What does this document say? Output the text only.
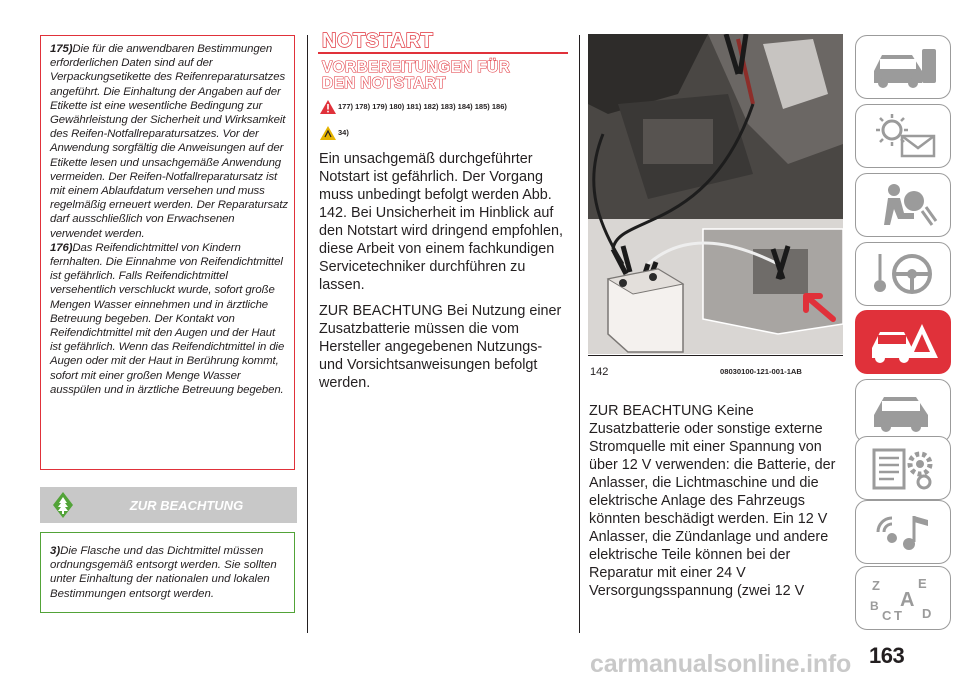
175)Die für die anwendbaren Bestimmungen erforderlichen Daten sind auf der Verpackungsetikette des Reifenreparatursatzes angeführt. Die Einhaltung der Angaben auf der Etikette ist eine wesentliche Bedingung zur Gewährleistung der Sicherheit und Wirksamkeit des Reifen-Notfallreparatursatzes. Vor der Anwendung sorgfältig die Anweisungen auf der Etikette lesen und unsachgemäße Anwendung vermeiden. Der Reifen-Notfallreparatursatz ist mit einem Ablaufdatum versehen und muss regelmäßig erneuert werden. Der Reparatursatz darf ausschließlich von Erwachsenen verwendet werden.

176)Das Reifendichtmittel von Kindern fernhalten. Die Einnahme von Reifendichtmittel ist gefährlich. Falls Reifendichtmittel versehentlich verschluckt wurde, sofort große Mengen Wasser einnehmen und in ärztliche Betreuung begeben. Der Kontakt von Reifendichtmittel mit den Augen und der Haut ist gefährlich. Wenn das Reifendichtmittel in die Augen oder mit der Haut in Berührung kommt, sofort mit einer großen Menge Wasser ausspülen und in ärztliche Betreuung begeben.

ZUR BEACHTUNG

3)Die Flasche und das Dichtmittel müssen ordnungsgemäß entsorgt werden. Sie sollten unter Einhaltung der nationalen und lokalen Bestimmungen entsorgt werden.

NOTSTART
VORBEREITUNGEN FÜR
DEN NOTSTART
177) 178) 179) 180) 181) 182) 183) 184) 185) 186)
34)

Ein unsachgemäß durchgeführter Notstart ist gefährlich. Der Vorgang muss unbedingt befolgt werden Abb. 142. Bei Unsicherheit im Hinblick auf den Notstart wird dringend empfohlen, diese Arbeit von einem fachkundigen Servicetechniker durchführen zu lassen.

ZUR BEACHTUNG Bei Nutzung einer Zusatzbatterie müssen die vom Hersteller angegebenen Nutzungs- und Vorsichtsanweisungen befolgt werden.

142	08030100-121-001-1AB

ZUR BEACHTUNG Keine Zusatzbatterie oder sonstige externe Stromquelle mit einer Spannung von über 12 V verwenden: die Batterie, der Anlasser, die Lichtmaschine und die elektrische Anlage des Fahrzeugs könnten beschädigt werden. Ein 12 V Anlasser, die Zündanlage und andere elektrische Teile können bei der Reparatur mit einer 24 V Versorgungsspannung (zwei 12 V	Z	E
B A
C T D
163
carmanualsonline.info
